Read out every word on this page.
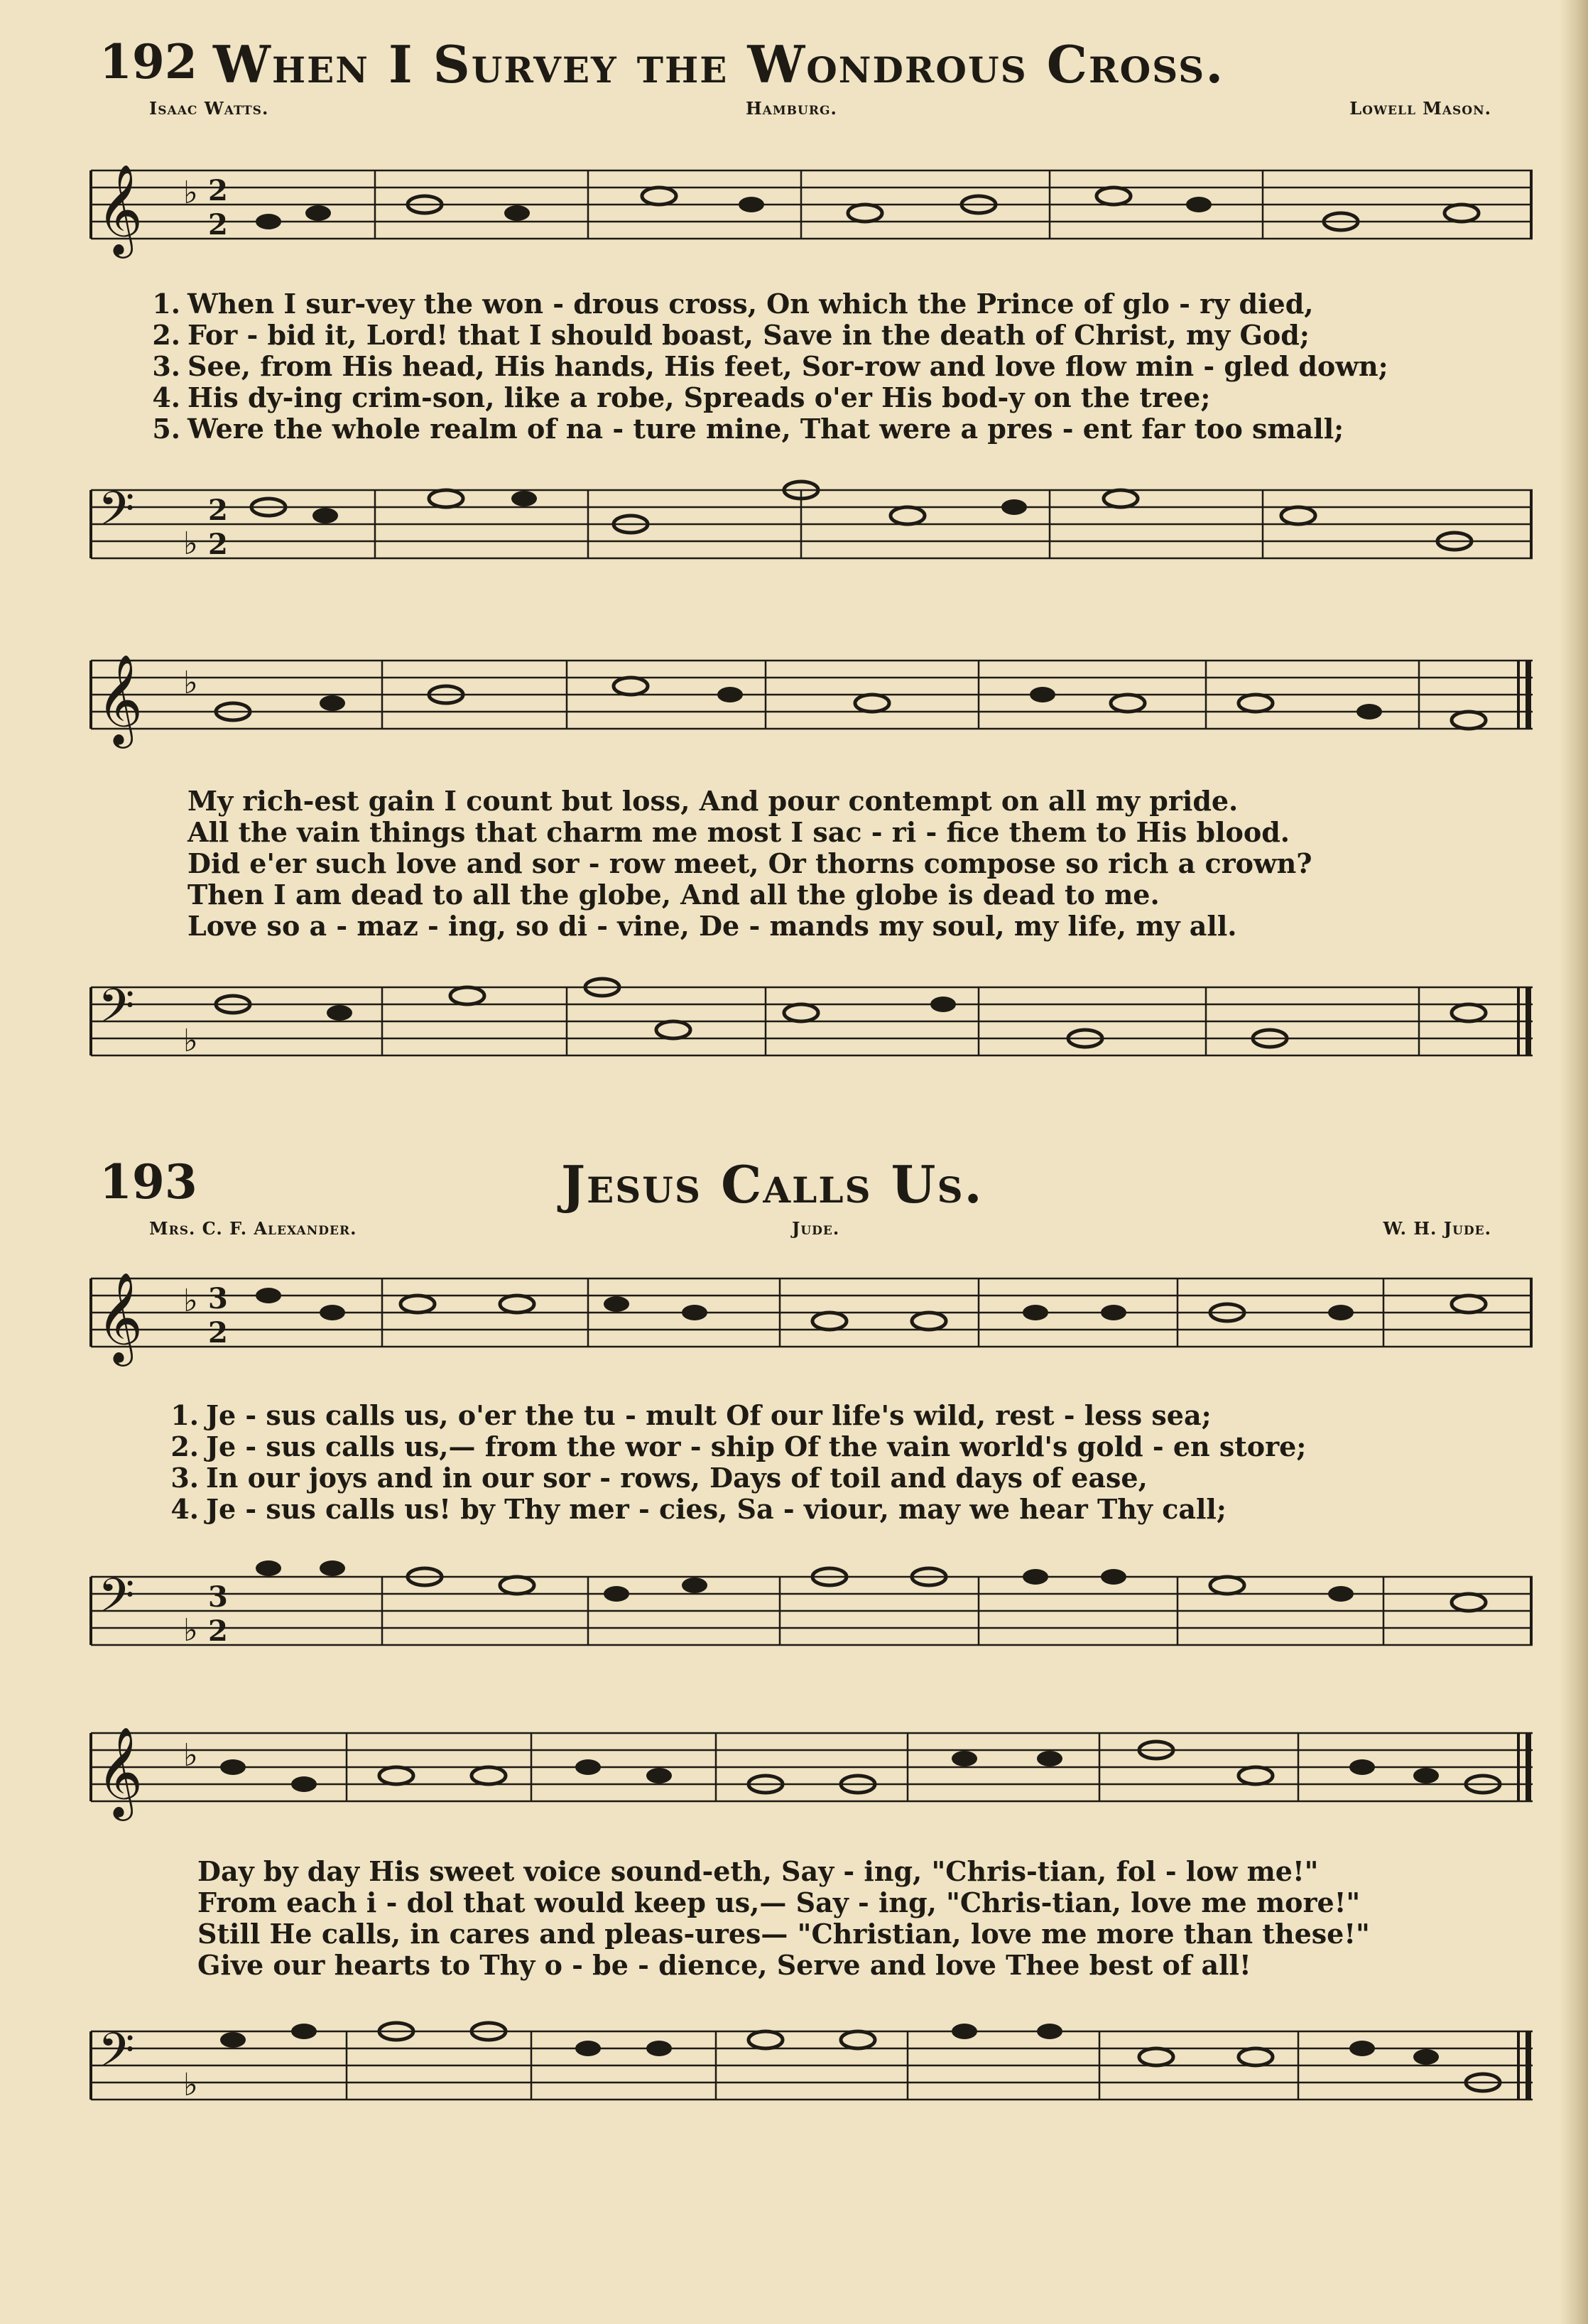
192 When I Survey the Wondrous Cross.
Isaac Watts.	Hamburg.	Lowell Mason.
𝄞 ♭ 2
2
1. When I sur-vey the won - drous cross, On which the Prince of glo - ry died,
2. For - bid it, Lord! that I should boast, Save in the death of Christ, my God;
3. See, from His head, His hands, His feet, Sor-row and love flow min - gled down;
4. His dy-ing crim-son, like a robe, Spreads o'er His bod-y on the tree;
5. Were the whole realm of na - ture mine, That were a pres - ent far too small;
𝄢 ♭
2
2
𝄞 ♭
My rich-est gain I count but loss, And pour contempt on all my pride.
All the vain things that charm me most I sac - ri - fice them to His blood.
Did e'er such love and sor - row meet, Or thorns compose so rich a crown?
Then I am dead to all the globe, And all the globe is dead to me.
Love so a - maz - ing, so di - vine, De - mands my soul, my life, my all.
𝄢 ♭
193	Jesus Calls Us.
Mrs. C. F. Alexander.	Jude.	W. H. Jude.
𝄞 ♭ 3
2
1. Je - sus calls us, o'er the tu - mult Of our life's wild, rest - less sea;
2. Je - sus calls us,— from the wor - ship Of the vain world's gold - en store;
3. In our joys and in our sor - rows, Days of toil and days of ease,
4. Je - sus calls us! by Thy mer - cies, Sa - viour, may we hear Thy call;
𝄢 ♭
3
2
𝄞 ♭
Day by day His sweet voice sound-eth, Say - ing, "Chris-tian, fol - low me!"
From each i - dol that would keep us,— Say - ing, "Chris-tian, love me more!"
Still He calls, in cares and pleas-ures— "Christian, love me more than these!"
Give our hearts to Thy o - be - dience, Serve and love Thee best of all!
𝄢 ♭
